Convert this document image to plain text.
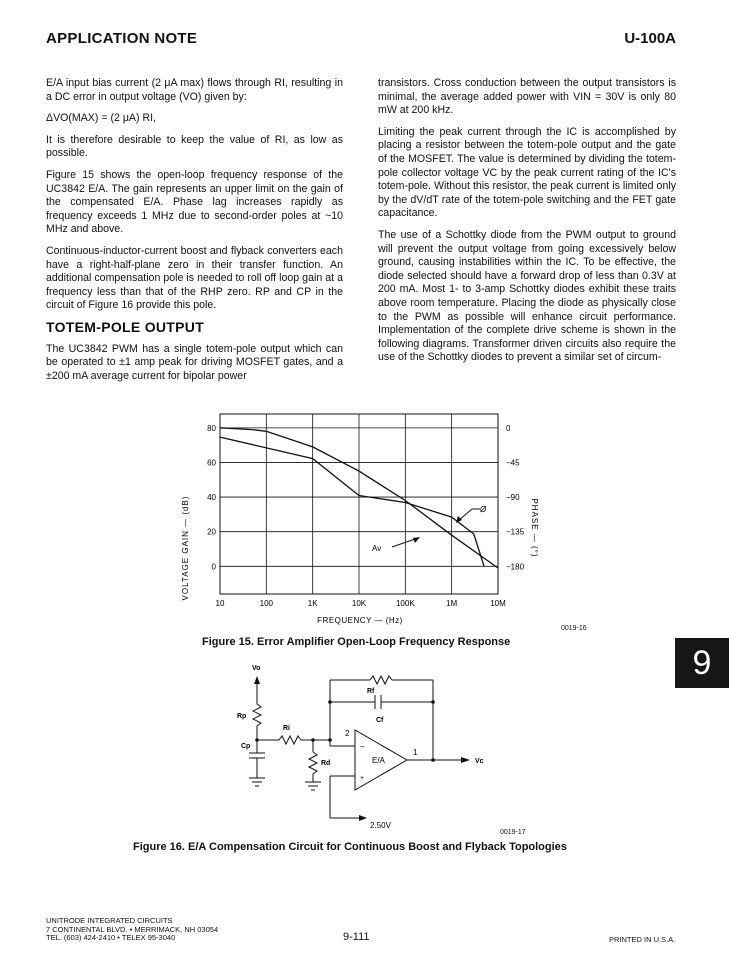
APPLICATION NOTE	U-100A

E/A input bias current (2 μA max) flows through RI, resulting in a DC error in output voltage (VO) given by:

ΔVO(MAX) = (2 μA) RI,

It is therefore desirable to keep the value of RI, as low as possible.

Figure 15 shows the open-loop frequency response of the UC3842 E/A. The gain represents an upper limit on the gain of the compensated E/A. Phase lag increases rapidly as frequency exceeds 1 MHz due to second-order poles at ~10 MHz and above.

Continuous-inductor-current boost and flyback converters each have a right-half-plane zero in their transfer function. An additional compensation pole is needed to roll off loop gain at a frequency less than that of the RHP zero. RP and CP in the circuit of Figure 16 provide this pole.

TOTEM-POLE OUTPUT

The UC3842 PWM has a single totem-pole output which can be operated to ±1 amp peak for driving MOSFET gates, and a ±200 mA average current for bipolar power

transistors. Cross conduction between the output transistors is minimal, the average added power with VIN = 30V is only 80 mW at 200 kHz.

Limiting the peak current through the IC is accomplished by placing a resistor between the totem-pole output and the gate of the MOSFET. The value is determined by dividing the totem-pole collector voltage VC by the peak current rating of the IC's totem-pole. Without this resistor, the peak current is limited only by the dV/dT rate of the totem-pole switching and the FET gate capacitance.

The use of a Schottky diode from the PWM output to ground will prevent the output voltage from going excessively below ground, causing instabilities within the IC. To be effective, the diode selected should have a forward drop of less than 0.3V at 200 mA. Most 1- to 3-amp Schottky diodes exhibit these traits above room temperature. Placing the diode as physically close to the PWM as possible will enhance circuit performance. Implementation of the complete drive scheme is shown in the following diagrams. Transformer driven circuits also require the use of the Schottky diodes to prevent a similar set of circum-

80	0
60	−45
40	−90
20	−135
0	−180
10	100	1K	10K	100K	1M	10M
VOLTAGE GAIN — (dB)	PHASE — (°)
FREQUENCY — (Hz)
Av
Ø
0019-16
Figure 15. Error Amplifier Open-Loop Frequency Response
9
Vo
Rp
Cp
Ri
Rd
Rf
Cf
2
−
+
E/A
1
Vc
2.50V
0019-17
Figure 16. E/A Compensation Circuit for Continuous Boost and Flyback Topologies
UNITRODE INTEGRATED CIRCUITS
7 CONTINENTAL BLVD. • MERRIMACK, NH 03054
TEL. (603) 424-2410 • TELEX 95-3040	9-111	PRINTED IN U.S.A.
